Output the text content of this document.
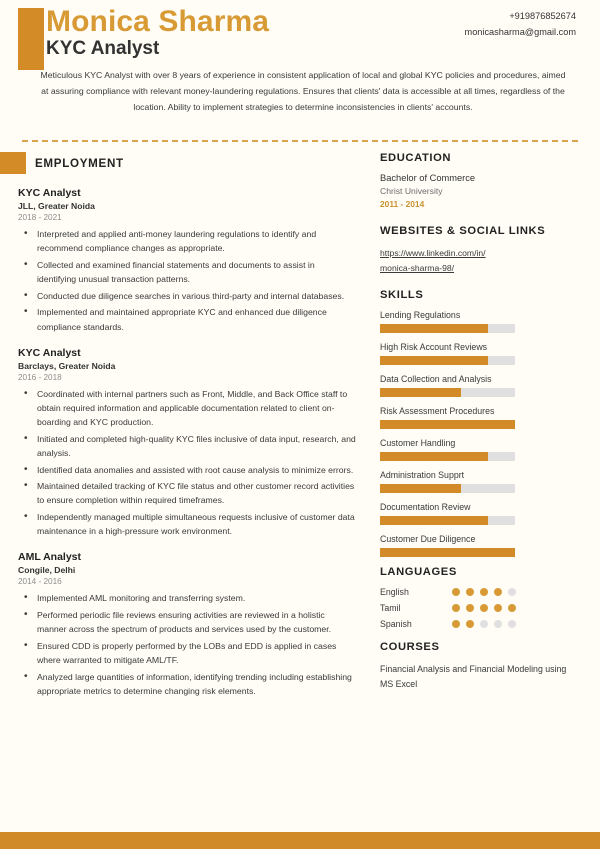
Monica Sharma
KYC Analyst
+919876852674
monicasharma@gmail.com
Meticulous KYC Analyst with over 8 years of experience in consistent application of local and global KYC policies and procedures, aimed at assuring compliance with relevant money-laundering regulations. Ensures that clients' data is accessible at all times, regardless of the location. Ability to implement strategies to determine inconsistencies in clients' accounts.
EMPLOYMENT
KYC Analyst
JLL, Greater Noida
2018 - 2021
• Interpreted and applied anti-money laundering regulations to identify and recommend compliance changes as appropriate.
• Collected and examined financial statements and documents to assist in identifying unusual transaction patterns.
• Conducted due diligence searches in various third-party and internal databases.
• Implemented and maintained appropriate KYC and enhanced due diligence compliance standards.
KYC Analyst
Barclays, Greater Noida
2016 - 2018
• Coordinated with internal partners such as Front, Middle, and Back Office staff to obtain required information and applicable documentation related to client on-boarding and KYC production.
• Initiated and completed high-quality KYC files inclusive of data input, research, and analysis.
• Identified data anomalies and assisted with root cause analysis to minimize errors.
• Maintained detailed tracking of KYC file status and other customer record activities to ensure completion within required timeframes.
• Independently managed multiple simultaneous requests inclusive of customer data maintenance in a high-pressure work environment.
AML Analyst
Congile, Delhi
2014 - 2016
• Implemented AML monitoring and transferring system.
• Performed periodic file reviews ensuring activities are reviewed in a holistic manner across the spectrum of products and services used by the customer.
• Ensured CDD is properly performed by the LOBs and EDD is applied in cases where warranted to mitigate AML/TF.
• Analyzed large quantities of information, identifying trending including establishing appropriate metrics to determine changing risk elements.
EDUCATION
Bachelor of Commerce
Christ University
2011 - 2014
WEBSITES & SOCIAL LINKS
https://www.linkedin.com/in/
monica-sharma-98/
SKILLS
Lending Regulations
High Risk Account Reviews
Data Collection and Analysis
Risk Assessment Procedures
Customer Handling
Administration Supprt
Documentation Review
Customer Due Diligence
LANGUAGES
English
Tamil
Spanish
COURSES
Financial Analysis and Financial Modeling using MS Excel
